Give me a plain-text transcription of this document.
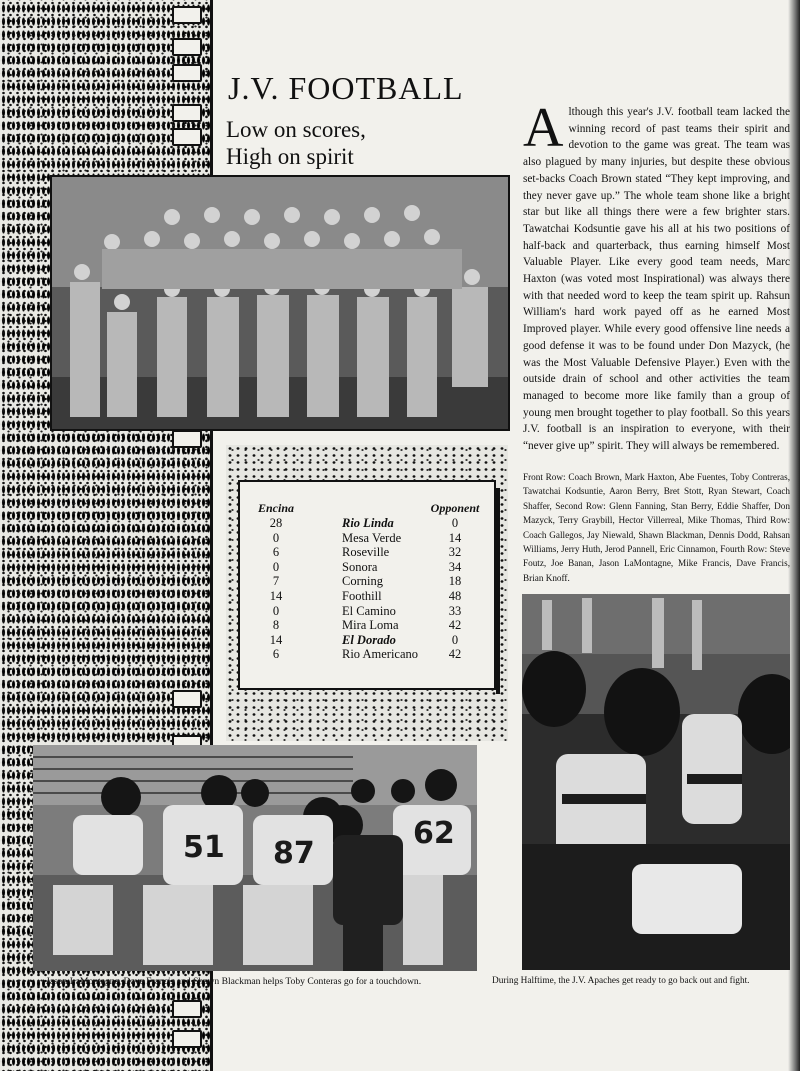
J.V. FOOTBALL

Low on scores,
High on spirit	Although this year's J.V. football team lacked the winning record of past teams their spirit and devotion to the game was great. The team was also plagued by many injuries, but despite these obvious set-backs Coach Brown stated “They kept improving, and they never gave up.” The whole team shone like a bright star but like all things there were a few brighter stars. Tawatchai Kodsuntie gave his all at his two positions of half-back and quarterback, thus earning himself Most Valuable Player. Like every good team needs, Marc Haxton (was voted most Inspirational) was always there with that needed word to keep the team spirit up. Rahsun William's hard work payed off as he earned Most Improved player. While every good offensive line needs a good defense it was to be found under Don Mazyck, (he was the Most Valuable Defensive Player.) Even with the outside drain of school and other activities the team managed to become more like family than a group of young men brought together to play football. So this years J.V. football is an inspiration to everyone, with their “never give up” spirit. They will always be remembered.

Front Row: Coach Brown, Mark Haxton, Abe Fuentes, Toby Contreras, Tawatchai Kodsuntie, Aaron Berry, Bret Stott, Ryan Stewart, Coach Shaffer, Second Row: Glenn Fanning, Stan Berry, Eddie Shaffer, Don Mazyck, Terry Graybill, Hector Villerreal, Mike Thomas, Third Row: Coach Gallegos, Jay Niewald, Shawn Blackman, Dennis Dodd, Rahsan Williams, Jerry Huth, Jerod Pannell, Eric Cinnamon, Fourth Row: Steve Foutz, Joe Banan, Jason LaMontagne, Mike Francis, Dave Francis, Brian Knoff.

Encina		Opponent
28	Rio Linda	0
0	Mesa Verde	14
6	Roseville	32
0	Sonora	34
7	Corning	18
14	Foothill	48
0	El Camino	33
8	Mira Loma	42
14	El Dorado	0
6	Rio Americano	42
51 87
62

Jason LaMontagne, Dave Francis and Shawn Blackman helps Toby Conteras go for a touchdown.	During Halftime, the J.V. Apaches get ready to go back out and fight.
